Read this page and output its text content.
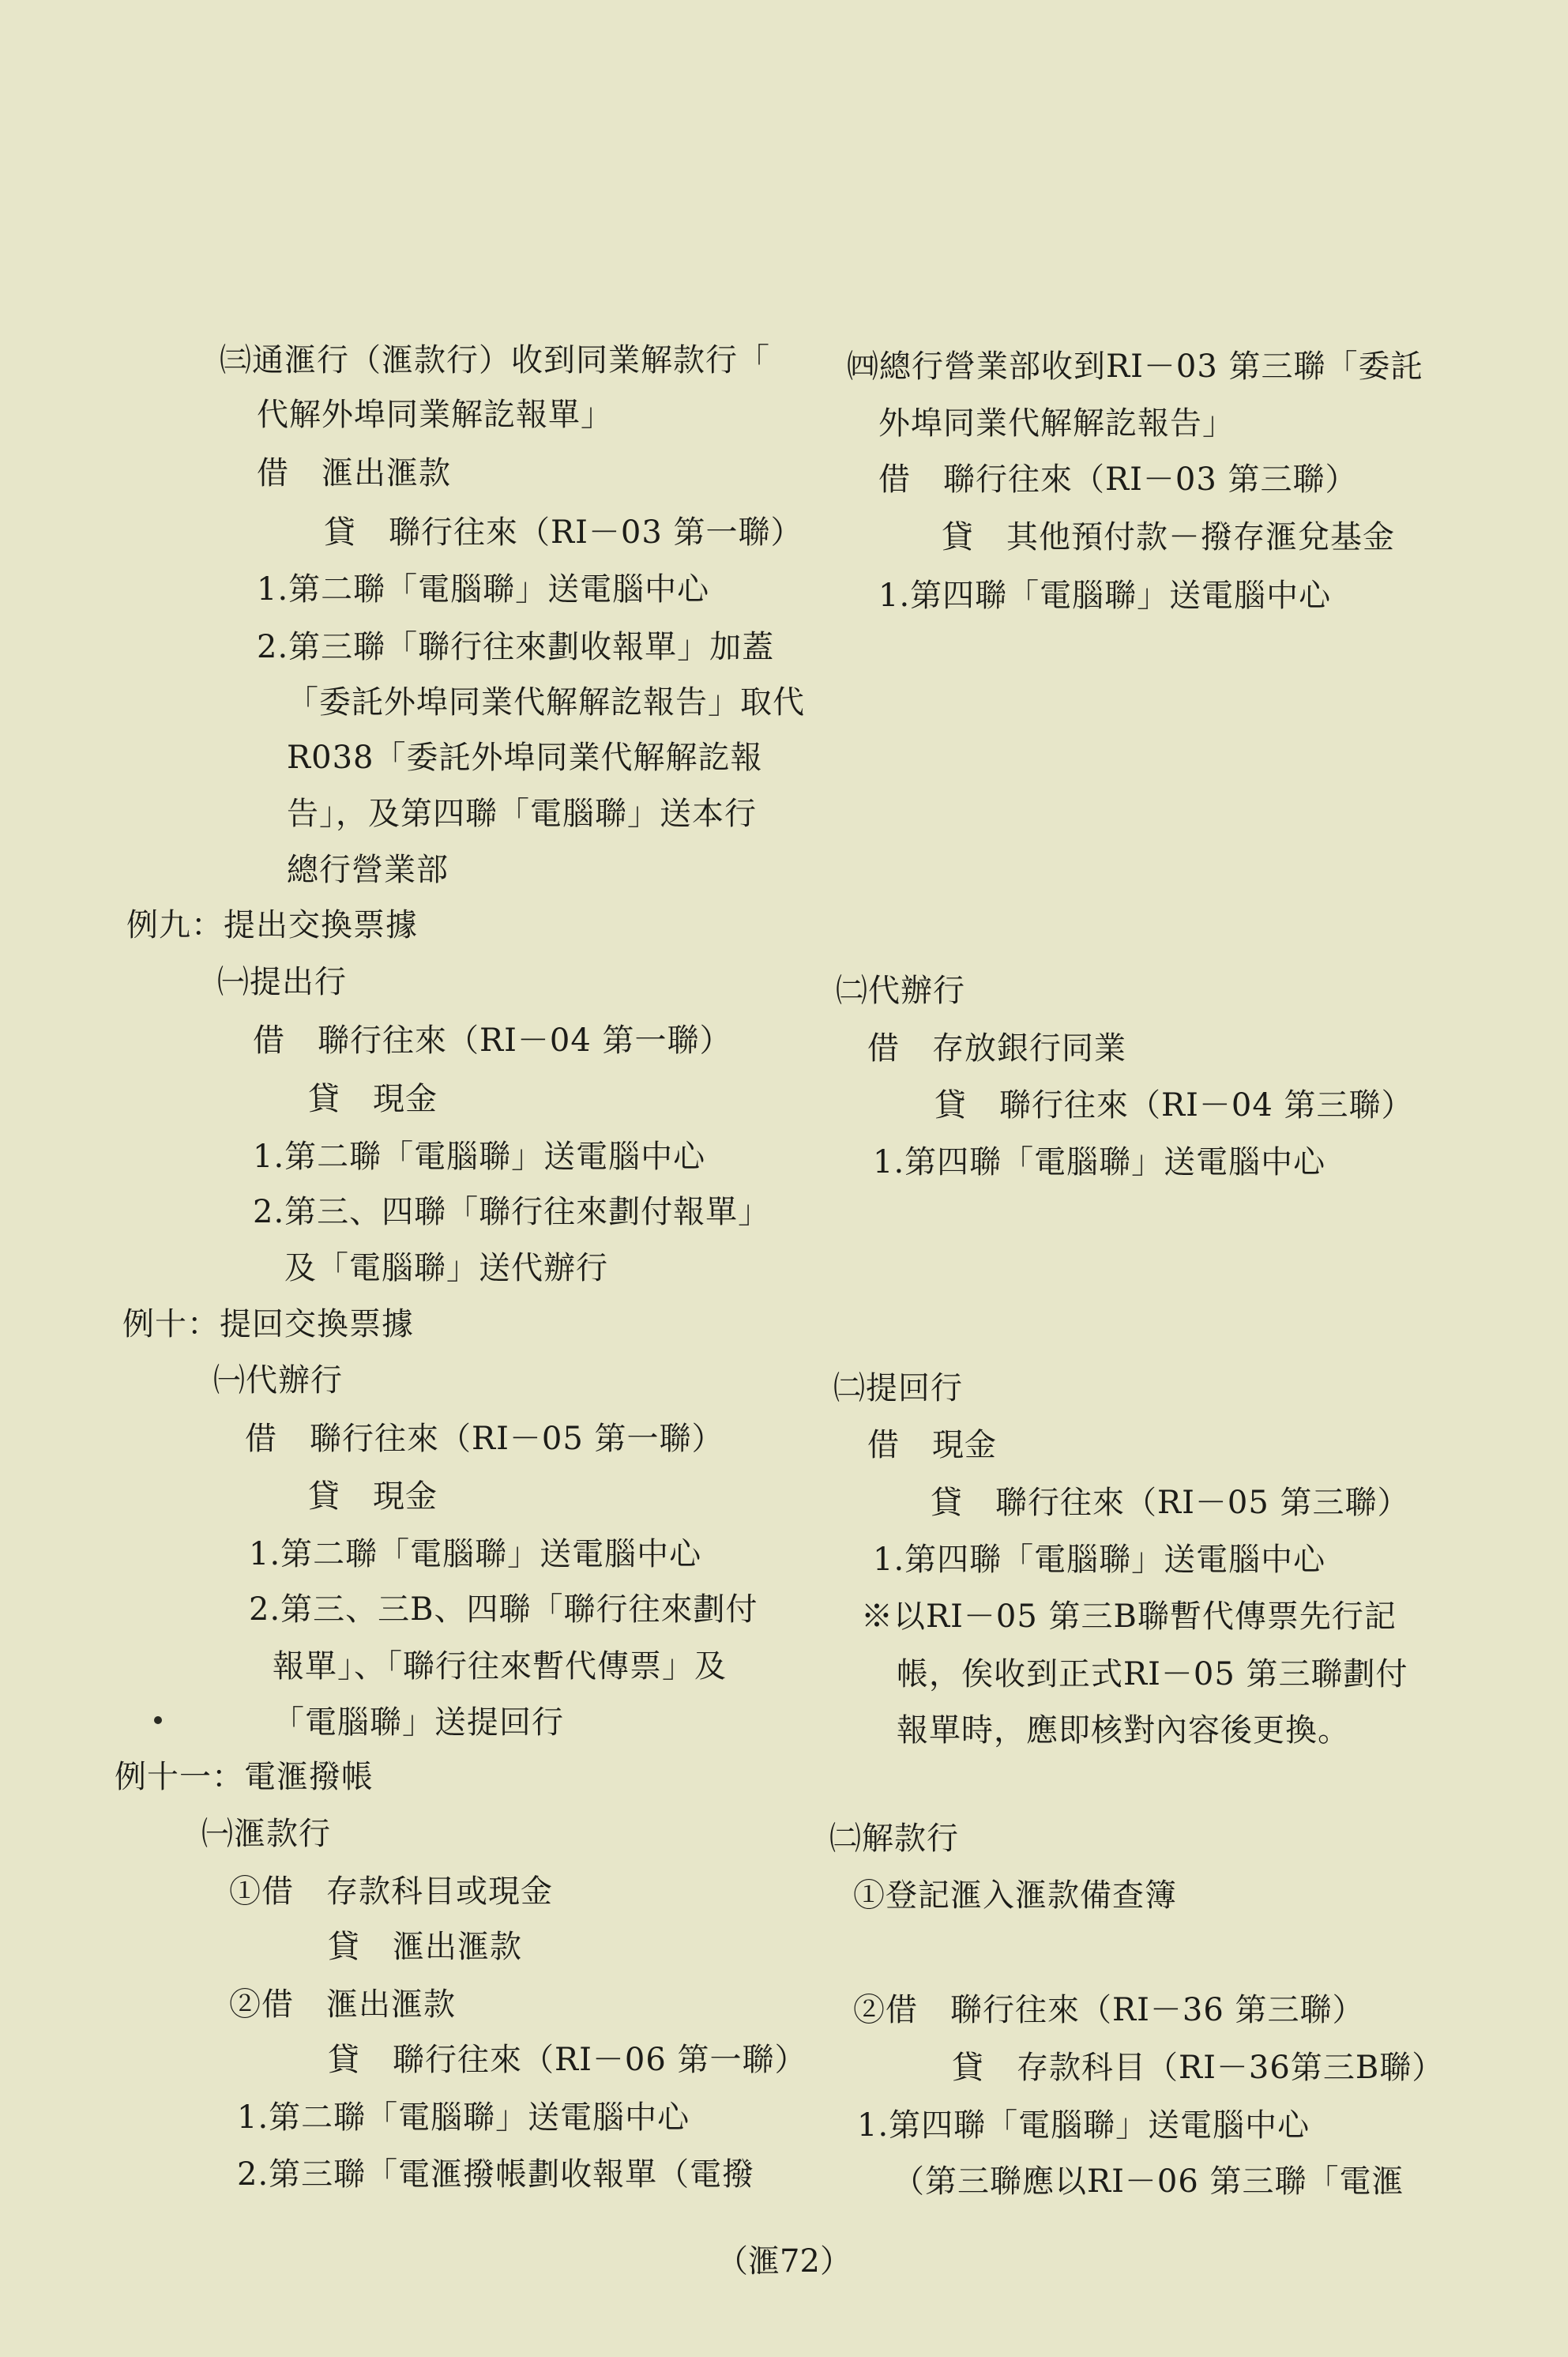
㈢通滙行（滙款行）收到同業解款行「
代解外埠同業解訖報單」
借　滙出滙款
貸　聯行往來（RI－03 第一聯）
1.第二聯「電腦聯」送電腦中心
2.第三聯「聯行往來劃收報單」加蓋
「委託外埠同業代解解訖報告」取代
R038「委託外埠同業代解解訖報
告」，及第四聯「電腦聯」送本行
總行營業部
例九：提出交換票據
㈠提出行
借　聯行往來（RI－04 第一聯）
貸　現金
1.第二聯「電腦聯」送電腦中心
2.第三、四聯「聯行往來劃付報單」
及「電腦聯」送代辦行
例十：提回交換票據
㈠代辦行
借　聯行往來（RI－05 第一聯）
貸　現金
1.第二聯「電腦聯」送電腦中心
2.第三、三B、四聯「聯行往來劃付
報單」、「聯行往來暫代傳票」及
「電腦聯」送提回行
例十一：電滙撥帳
㈠滙款行
①借　存款科目或現金
貸　滙出滙款
②借　滙出滙款
貸　聯行往來（RI－06 第一聯）
1.第二聯「電腦聯」送電腦中心
2.第三聯「電滙撥帳劃收報單（電撥
㈣總行營業部收到RI－03 第三聯「委託
外埠同業代解解訖報告」
借　聯行往來（RI－03 第三聯）
貸　其他預付款－撥存滙兌基金
1.第四聯「電腦聯」送電腦中心
㈡代辦行
借　存放銀行同業
貸　聯行往來（RI－04 第三聯）
1.第四聯「電腦聯」送電腦中心
㈡提回行
借　現金
貸　聯行往來（RI－05 第三聯）
1.第四聯「電腦聯」送電腦中心
※以RI－05 第三B聯暫代傳票先行記
帳，俟收到正式RI－05 第三聯劃付
報單時，應即核對內容後更換。
㈡解款行
①登記滙入滙款備查簿
②借　聯行往來（RI－36 第三聯）
貸　存款科目（RI－36第三B聯）
1.第四聯「電腦聯」送電腦中心
（第三聯應以RI－06 第三聯「電滙
（滙72）
